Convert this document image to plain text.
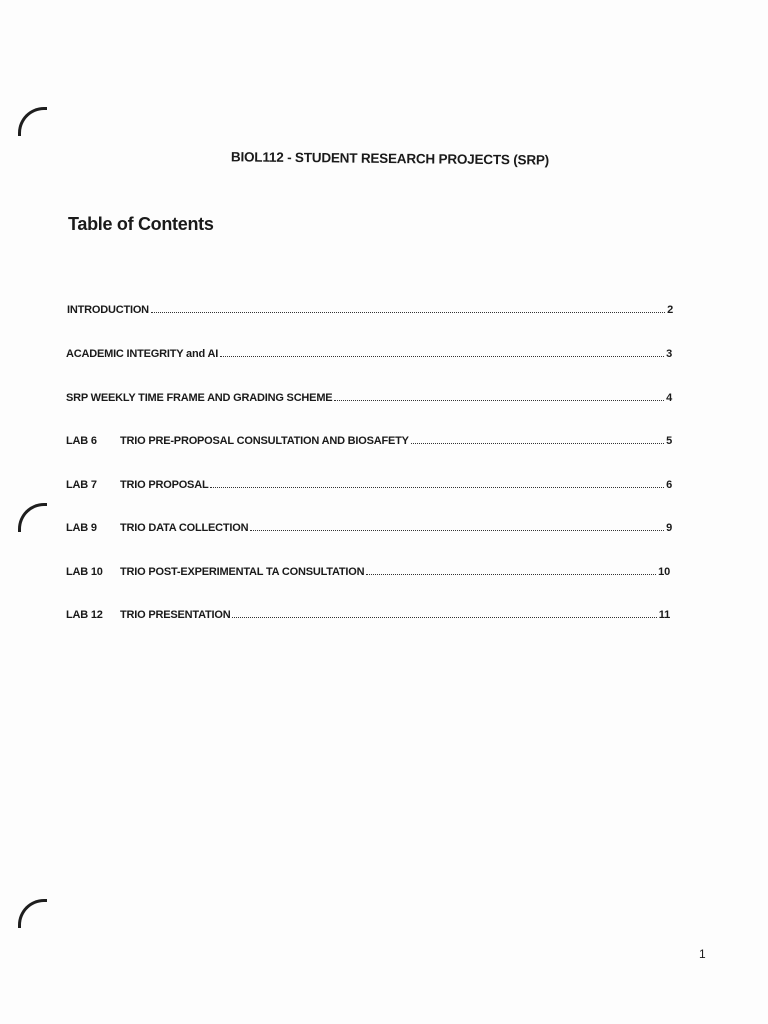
BIOL112 - STUDENT RESEARCH PROJECTS (SRP)
Table of Contents
INTRODUCTION	2
ACADEMIC INTEGRITY and AI	3
SRP WEEKLY TIME FRAME AND GRADING SCHEME	4
LAB 6	TRIO PRE-PROPOSAL CONSULTATION AND BIOSAFETY	5
LAB 7	TRIO PROPOSAL	6
LAB 9	TRIO DATA COLLECTION	9
LAB 10	TRIO POST-EXPERIMENTAL TA CONSULTATION	10
LAB 12	TRIO PRESENTATION	11
1
